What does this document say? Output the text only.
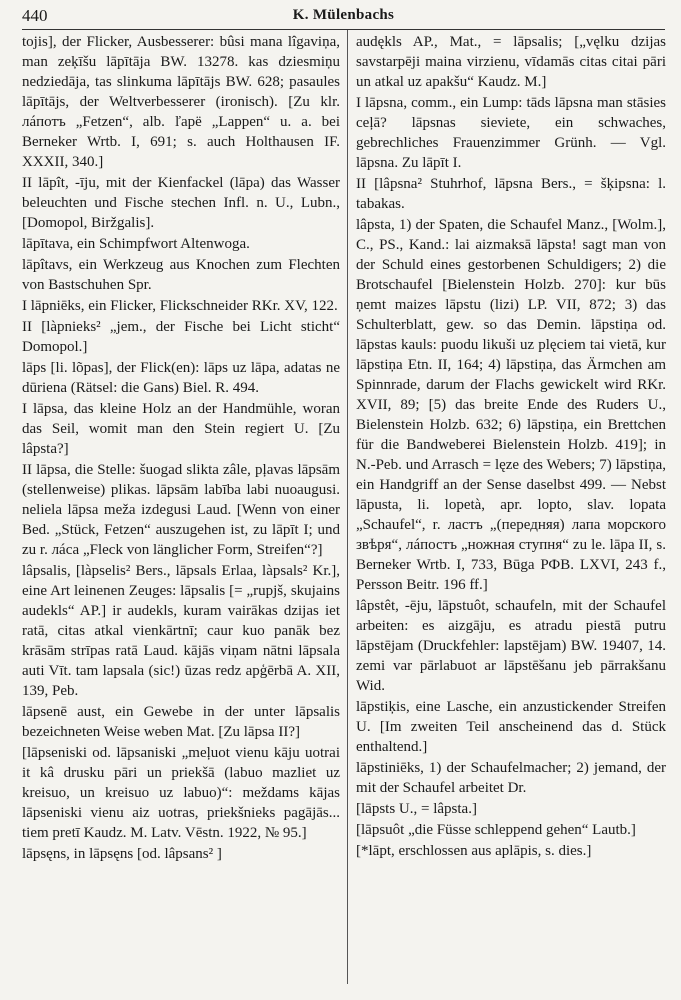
440	K. Mülenbachs

tojis], der Flicker, Ausbesserer: bûsi mana lîgaviņa, man zeķīšu lāpītāja BW. 13278. kas dziesmiņu nedziedāja, tas slinkuma lāpītājs BW. 628; pasaules lāpītājs, der Weltverbesserer (ironisch). [Zu klr. лáпотъ „Fetzen“, alb. ľapë „Lappen“ u. a. bei Berneker Wrtb. I, 691; s. auch Holthausen IF. XXXII, 340.]

II lāpît, -īju, mit der Kienfackel (lāpa) das Wasser beleuchten und Fische stechen Infl. n. U., Lubn., [Domopol, Biržgalis].

lāpītava, ein Schimpfwort Altenwoga.

lāpîtavs, ein Werkzeug aus Knochen zum Flechten von Bastschuhen Spr.

I lāpniēks, ein Flicker, Flickschneider RKr. XV, 122.

II [làpnieks² „jem., der Fische bei Licht sticht“ Domopol.]

lāps [li. lõpas], der Flick(en): lāps uz lāpa, adatas ne dūriena (Rätsel: die Gans) Biel. R. 494.

I lāpsa, das kleine Holz an der Handmühle, woran das Seil, womit man den Stein regiert U. [Zu lâpsta?]

II lāpsa, die Stelle: šuogad slikta zâle, pļavas lāpsām (stellenweise) plikas. lāpsām labība labi nuoaugusi. neliela lāpsa meža izdegusi Laud. [Wenn von einer Bed. „Stück, Fetzen“ auszugehen ist, zu lāpīt I; und zu r. лáса „Fleck von länglicher Form, Streifen“?]

lâpsalis, [làpselis² Bers., lāpsals Erlaa, làpsals² Kr.], eine Art leinenen Zeuges: lāpsalis [= „rupjš, skujains audekls“ AP.] ir audekls, kuram vairākas dzijas iet ratā, citas atkal vienkārtnī; caur kuo panāk bez krāsām strīpas ratā Laud. kājās viņam nātni lāpsala auti Vīt. tam lapsala (sic!) ūzas redz apģērbā A. XII, 139, Peb.

lāpsenē aust, ein Gewebe in der unter lāpsalis bezeichneten Weise weben Mat. [Zu lāpsa II?]

[lāpseniski od. lāpsaniski „meļuot vienu kāju uotrai it kâ drusku pāri un priekšā (labuo mazliet uz kreisuo, un kreisuo uz labuo)“: meždams kājas lāpseniski vienu aiz uotras, priekšnieks pagājās... tiem pretī Kaudz. M. Latv. Vēstn. 1922, № 95.]

lāpsęns, in lāpsęns [od. lâpsans² ]

audękls AP., Mat., = lāpsalis; [„vęlku dzijas savstarpēji maina virzienu, vīdamās citas citai pāri un atkal uz apakšu“ Kaudz. M.]

I lāpsna, comm., ein Lump: tāds lāpsna man stāsies ceļā? lāpsnas sieviete, ein schwaches, gebrechliches Frauenzimmer Grünh. — Vgl. lāpsna. Zu lāpīt I.

II [lâpsna² Stuhrhof, lāpsna Bers., = šķipsna: l. tabakas.

lâpsta, 1) der Spaten, die Schaufel Manz., [Wolm.], C., PS., Kand.: lai aizmaksā lāpsta! sagt man von der Schuld eines gestorbenen Schuldigers; 2) die Brotschaufel [Bielenstein Holzb. 270]: kur būs ņemt maizes lāpstu (lizi) LP. VII, 872; 3) das Schulterblatt, gew. so das Demin. lāpstiņa od. lāpstas kauls: puodu likuši uz plęciem tai vietā, kur lāpstiņa Etn. II, 164; 4) lāpstiņa, das Ärmchen am Spinnrade, darum der Flachs gewickelt wird RKr. XVII, 89; [5) das breite Ende des Ruders U., Bielenstein Holzb. 632; 6) lāpstiņa, ein Brettchen für die Bandweberei Bielenstein Holzb. 419]; in N.-Peb. und Arrasch = lęze des Webers; 7) lāpstiņa, ein Handgriff an der Sense daselbst 499. — Nebst lāpusta, li. lopetà, apr. lopto, slav. lopata „Schaufel“, r. ластъ „(передняя) лапа морского звѣря“, лáпостъ „ножная ступня“ zu le. lāpa II, s. Berneker Wrtb. I, 733, Būga РФВ. LXVI, 243 f., Persson Beitr. 196 ff.]

lâpstêt, -ēju, lāpstuôt, schaufeln, mit der Schaufel arbeiten: es aizgāju, es atradu piestā putru lāpstējam (Druckfehler: lapstējam) BW. 19407, 14. zemi var pārlabuot ar lāpstēšanu jeb pārrakšanu Wid.

lāpstiķis, eine Lasche, ein anzustickender Streifen U. [Im zweiten Teil anscheinend das d. Stück enthaltend.]

lāpstiniēks, 1) der Schaufelmacher; 2) jemand, der mit der Schaufel arbeitet Dr.

[lāpsts U., = lâpsta.]

[lāpsuôt „die Füsse schleppend gehen“ Lautb.]

[*lāpt, erschlossen aus aplāpis, s. dies.]
